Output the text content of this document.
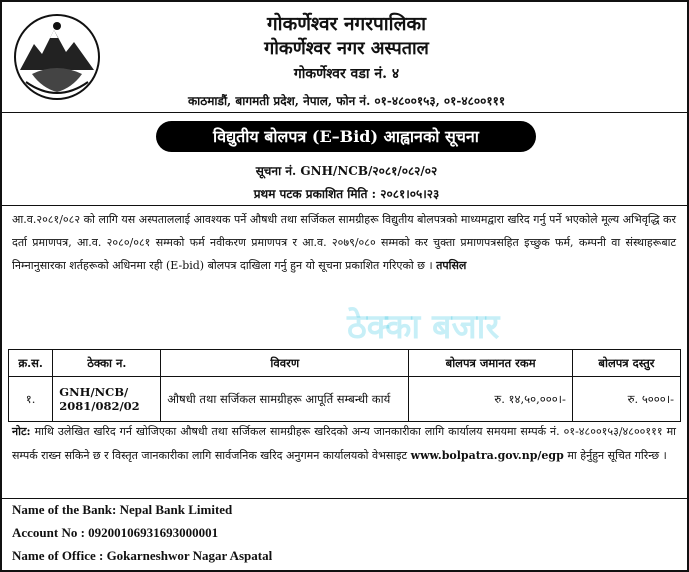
गोकर्णेश्वर नगरपालिका
गोकर्णेश्वर नगर अस्पताल
गोकर्णेश्वर वडा नं. ४
काठमाडौं, बागमती प्रदेश, नेपाल, फोन नं. ०१-४८००१५३, ०१-४८००१११
विद्युतीय बोलपत्र (E–Bid) आह्वानको सूचना
सूचना नं. GNH/NCB/२०८१/०८२/०२
प्रथम पटक प्रकाशित मिति : २०८१।०५।२३

आ.व.२०८१/०८२ को लागि यस अस्पताललाई आवश्यक पर्ने औषधी तथा सर्जिकल सामग्रीहरू विद्युतीय बोलपत्रको माध्यमद्वारा खरिद गर्नु पर्ने भएकोले मूल्य अभिवृद्धि कर दर्ता प्रमाणपत्र, आ.व. २०८०/०८१ सम्मको फर्म नवीकरण प्रमाणपत्र र आ.व. २०७९/०८० सम्मको कर चुक्ता प्रमाणपत्रसहित इच्छुक फर्म, कम्पनी वा संस्थाहरूबाट निम्नानुसारका शर्तहरूको अधिनमा रही (E-bid) बोलपत्र दाखिला गर्नु हुन यो सूचना प्रकाशित गरिएको छ । तपसिल

ठेक्का बजार
क्र.स.	ठेक्का न.	विवरण	बोलपत्र जमानत रकम	बोलपत्र दस्तुर
१.	GNH/NCB/ 2081/082/02	औषधी तथा सर्जिकल सामग्रीहरू आपूर्ति सम्बन्धी कार्य	रु. १४,५०,०००।-	रु. ५०००।-

नोट: माथि उलेखित खरिद गर्न खोजिएका औषधी तथा सर्जिकल सामग्रीहरू खरिदको अन्य जानकारीका लागि कार्यालय समयमा सम्पर्क नं. ०१-४८००१५३/४८००१११ मा सम्पर्क राख्न सकिने छ र विस्तृत जानकारीका लागि सार्वजनिक खरिद अनुगमन कार्यालयको वेभसाइट www.bolpatra.gov.np/egp मा हेर्नुहुन सूचित गरिन्छ ।

Name of the Bank: Nepal Bank Limited
Account No : 09200106931693000001
Name of Office : Gokarneshwor Nagar Aspatal
